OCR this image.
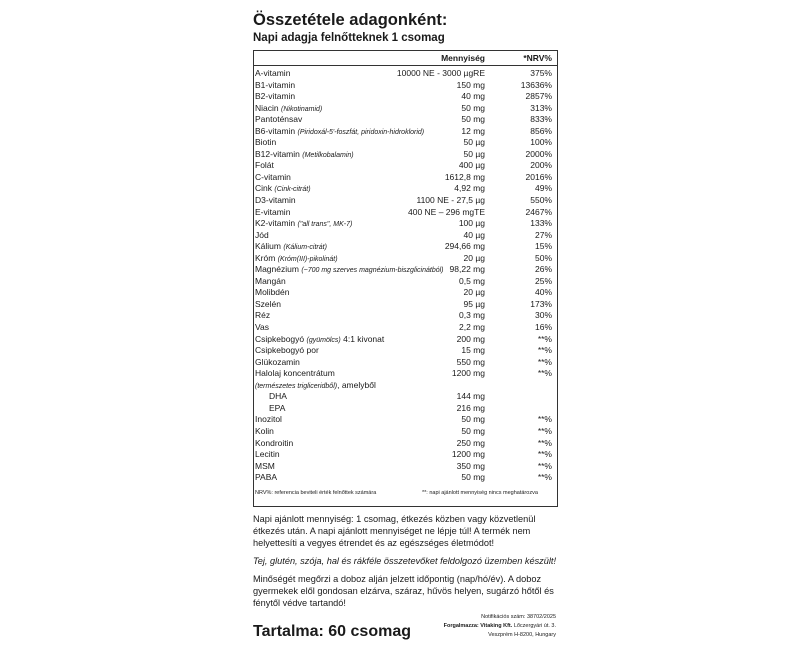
Összetétele adagonként:
Napi adagja felnőtteknek 1 csomag
Mennyiség	*NRV%
A-vitamin	10000 NE - 3000 µgRE	375%
B1-vitamin	150 mg	13636%
B2-vitamin	40 mg	2857%
Niacin (Nikotinamid)	50 mg	313%
Pantoténsav	50 mg	833%
B6-vitamin (Piridoxál-5'-foszfát, piridoxin-hidroklorid)	12 mg	856%
Biotin	50 µg	100%
B12-vitamin (Metilkobalamin)	50 µg	2000%
Folát	400 µg	200%
C-vitamin	1612,8 mg	2016%
Cink (Cink-citrát)	4,92 mg	49%
D3-vitamin	1100 NE - 27,5 µg	550%
E-vitamin	400 NE – 296 mgTE	2467%
K2-vitamin ("all trans", MK-7)	100 µg	133%
Jód	40 µg	27%
Kálium (Kálium-citrát)	294,66 mg	15%
Króm (Króm(III)-pikolinát)	20 µg	50%
Magnézium (~700 mg szerves magnézium-biszglicinátból) 98,22 mg	26%
Mangán	0,5 mg	25%
Molibdén	20 µg	40%
Szelén	95 µg	173%
Réz	0,3 mg	30%
Vas	2,2 mg	16%
Csipkebogyó (gyümölcs) 4:1 kivonat	200 mg	**%
Csipkebogyó por	15 mg	**%
Glükozamin	550 mg	**%
Halolaj koncentrátum	1200 mg	**%
(természetes trigliceridből), amelyből
DHA	144 mg
EPA	216 mg
Inozitol	50 mg	**%
Kolin	50 mg	**%
Kondroitin	250 mg	**%
Lecitin	1200 mg	**%
MSM	350 mg	**%
PABA	50 mg	**%
NRV%: referencia beviteli érték felnőttek számára	**: napi ajánlott mennyiség nincs meghatározva
Napi ajánlott mennyiség: 1 csomag, étkezés közben vagy közvetlenül étkezés után. A napi ajánlott mennyiséget ne lépje túl! A termék nem helyettesíti a vegyes étrendet és az egészséges életmódot!
Tej, glutén, szója, hal és rákféle összetevőket feldolgozó üzemben készült!
Minőségét megőrzi a doboz alján jelzett időpontig (nap/hó/év). A doboz gyermekek elől gondosan elzárva, száraz, hűvös helyen, sugárzó hőtől és fénytől védve tartandó!
Tartalma: 60 csomag
Notifikációs szám: 38702/2025
Forgalmazza: Vitaking Kft. Lőczergyári út. 3.
Veszprém H-8200, Hungary
